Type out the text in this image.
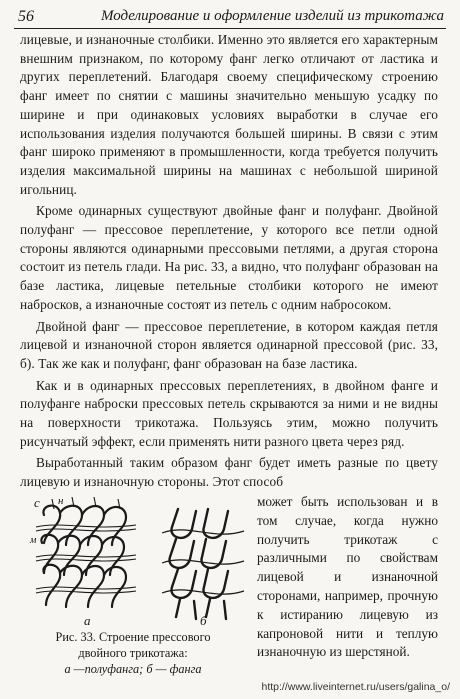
56	Моделирование и оформление изделий из трикотажа

лицевые, и изнаночные столбики. Именно это является его характерным внешним признаком, по которому фанг легко отличают от ластика и других переплетений. Благодаря своему специфическому строению фанг имеет по снятии с машины значительно меньшую усадку по ширине и при одинаковых условиях выработки в случае его использования изделия получаются большей ширины. В связи с этим фанг широко применяют в промышленности, когда требуется получить изделия максимальной ширины на машинах с небольшой шириной игольниц.

Кроме одинарных существуют двойные фанг и полуфанг. Двойной полуфанг — прессовое переплетение, у которого все петли одной стороны являются одинарными прессовыми петлями, а другая сторона состоит из петель глади. На рис. 33, а видно, что полуфанг образован на базе ластика, лицевые петельные столбики которого не имеют набросков, а изнаночные состоят из петель с одним набросоком.

Двойной фанг — прессовое переплетение, в котором каждая петля лицевой и изнаночной сторон является одинарной прессовой (рис. 33, б). Так же как и полуфанг, фанг образован на базе ластика.

Как и в одинарных прессовых переплетениях, в двойном фанге и полуфанге наброски прессовых петель скрываются за ними и не видны на поверхности трикотажа. Пользуясь этим, можно получить рисунчатый эффект, если применять нити разного цвета через ряд.

Выработанный таким образом фанг будет иметь разные по цвету лицевую и изнаночную стороны. Этот способ

с
м
н
а	б
Рис. 33. Строение прессового
двойного трикотажа:
а —полуфанга; б — фанга

может быть использован и в том случае, когда нужно получить трикотаж с различными по свойствам лицевой и изнаночной сторонами, например, прочную к истиранию лицевую из капроновой нити и теплую изнаночную из шерстяной.

http://www.liveinternet.ru/users/galina_o/
